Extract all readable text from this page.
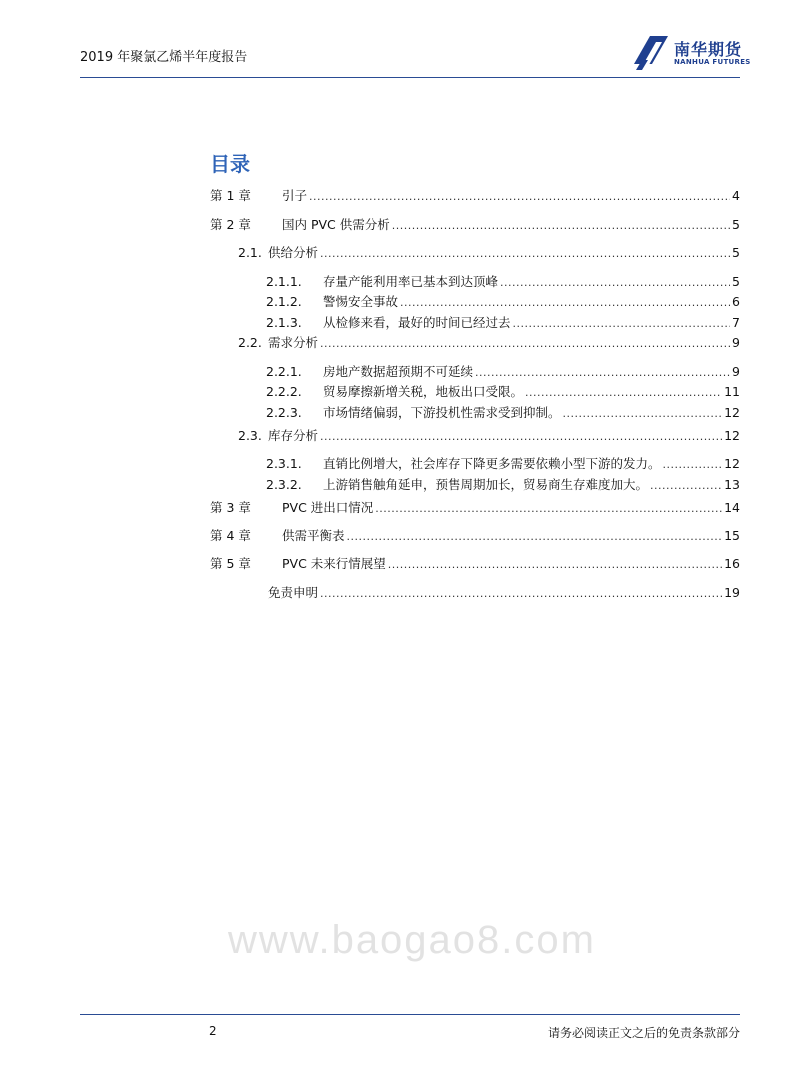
2019 年聚氯乙烯半年度报告	南华期货
NANHUA FUTURES
目录
第 1 章	引子 .....	4
第 2 章	国内 PVC 供需分析 .....	5
2.1. 供给分析 .....	5
2.1.1.	存量产能利用率已基本到达顶峰 .....	5
2.1.2.	警惕安全事故 .....	6
2.1.3.	从检修来看，最好的时间已经过去 .....	7
2.2. 需求分析 .....	9
2.2.1.	房地产数据超预期不可延续 .....	9
2.2.2.	贸易摩擦新增关税，地板出口受限。 .....	11
2.2.3.	市场情绪偏弱，下游投机性需求受到抑制。 .....	12
2.3. 库存分析 .....	12
2.3.1.	直销比例增大，社会库存下降更多需要依赖小型下游的发力。 .....	12
2.3.2.	上游销售触角延申，预售周期加长，贸易商生存难度加大。 .....	13
第 3 章	PVC 进出口情况 .....	14
第 4 章	供需平衡表 .....	15
第 5 章	PVC 未来行情展望 .....	16
免责申明 .....	19
www.baogao8.com
2	请务必阅读正文之后的免责条款部分
